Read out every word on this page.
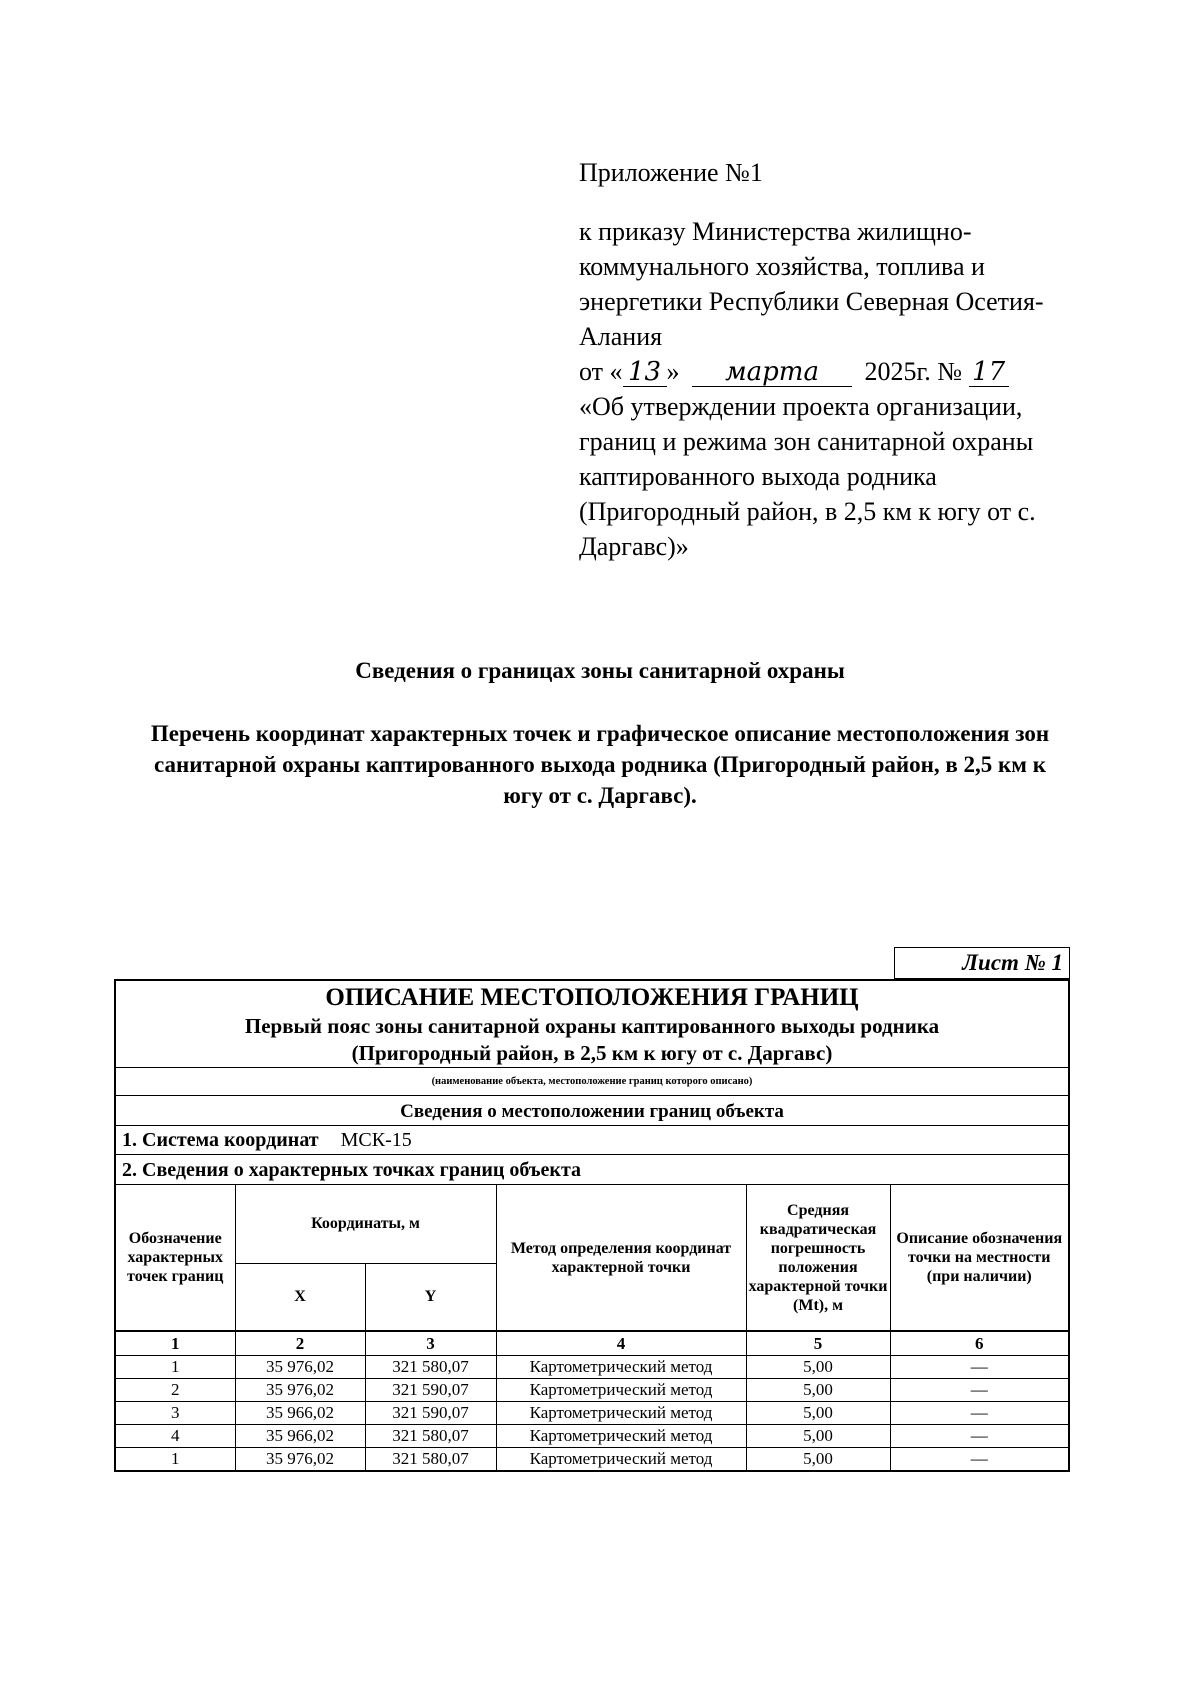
Приложение №1

к приказу Министерства жилищно-коммунального хозяйства, топлива и энергетики Республики Северная Осетия-Алания

от « 13 » марта 2025г. № 17

«Об утверждении проекта организации, границ и режима зон санитарной охраны каптированного выхода родника (Пригородный район, в 2,5 км к югу от с. Даргавс)»

Сведения о границах зоны санитарной охраны
Перечень координат характерных точек и графическое описание местоположения зон санитарной охраны каптированного выхода родника (Пригородный район, в 2,5 км к югу от с. Даргавс).
Лист № 1
ОПИСАНИЕ МЕСТОПОЛОЖЕНИЯ ГРАНИЦ
Первый пояс зоны санитарной охраны каптированного выходы родника
(Пригородный район, в 2,5 км к югу от с. Даргавс)
(наименование объекта, местоположение границ которого описано)
Сведения о местоположении границ объекта
1. Система координат МСК-15
2. Сведения о характерных точках границ объекта
Обозначение характерных точек границ	Координаты, м		Метод определения координат характерной точки	Средняя квадратическая погрешность положения характерной точки (Mt), м	Описание обозначения точки на местности (при наличии)
	X	Y			
1	2	3	4	5	6
1	35 976,02	321 580,07	Картометрический метод	5,00	—
2	35 976,02	321 590,07	Картометрический метод	5,00	—
3	35 966,02	321 590,07	Картометрический метод	5,00	—
4	35 966,02	321 580,07	Картометрический метод	5,00	—
1	35 976,02	321 580,07	Картометрический метод	5,00	—
